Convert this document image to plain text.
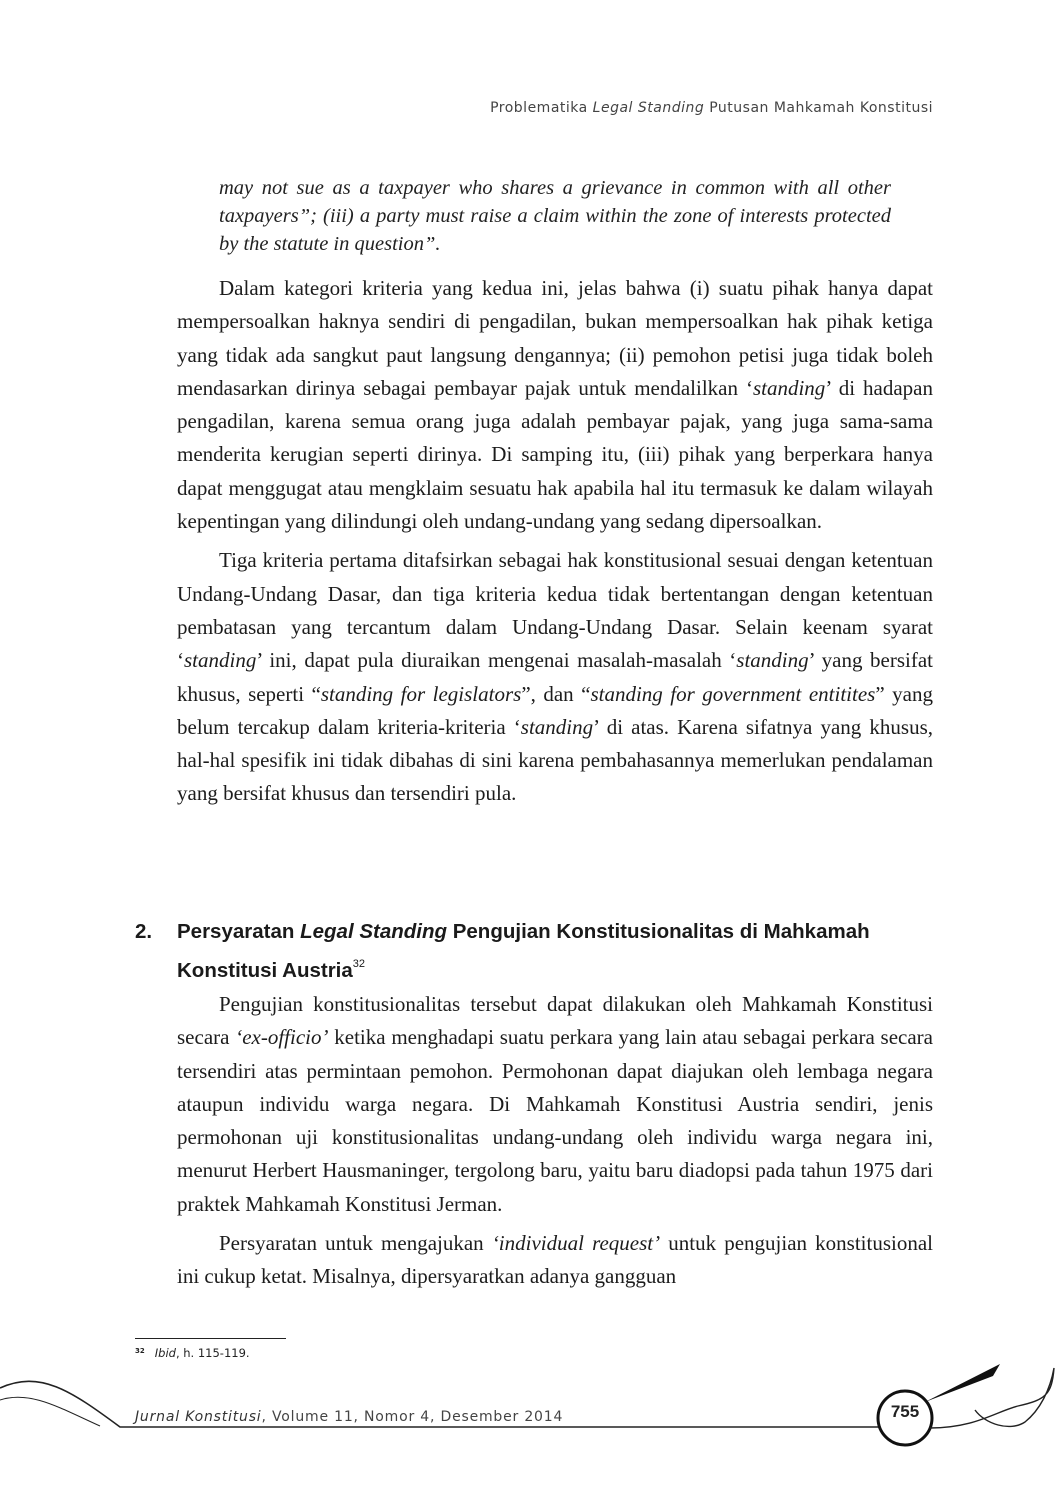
Problematika Legal Standing Putusan Mahkamah Konstitusi

may not sue as a taxpayer who shares a grievance in common with all other taxpayers”; (iii) a party must raise a claim within the zone of interests protected by the statute in question”.

Dalam kategori kriteria yang kedua ini, jelas bahwa (i) suatu pihak hanya dapat mempersoalkan haknya sendiri di pengadilan, bukan mempersoalkan hak pihak ketiga yang tidak ada sangkut paut langsung dengannya; (ii) pemohon petisi juga tidak boleh mendasarkan dirinya sebagai pembayar pajak untuk mendalilkan ‘standing’ di hadapan pengadilan, karena semua orang juga adalah pembayar pajak, yang juga sama-sama menderita kerugian seperti dirinya. Di samping itu, (iii) pihak yang berperkara hanya dapat menggugat atau mengklaim sesuatu hak apabila hal itu termasuk ke dalam wilayah kepentingan yang dilindungi oleh undang-undang yang sedang dipersoalkan.

Tiga kriteria pertama ditafsirkan sebagai hak konstitusional sesuai dengan ketentuan Undang-Undang Dasar, dan tiga kriteria kedua tidak bertentangan dengan ketentuan pembatasan yang tercantum dalam Undang-Undang Dasar. Selain keenam syarat ‘standing’ ini, dapat pula diuraikan mengenai masalah-masalah ‘standing’ yang bersifat khusus, seperti “standing for legislators”, dan “standing for government entitites” yang belum tercakup dalam kriteria-kriteria ‘standing’ di atas. Karena sifatnya yang khusus, hal-hal spesifik ini tidak dibahas di sini karena pembahasannya memerlukan pendalaman yang bersifat khusus dan tersendiri pula.

2. Persyaratan Legal Standing Pengujian Konstitusionalitas di Mahkamah Konstitusi Austria$^{32}$

Pengujian konstitusionalitas tersebut dapat dilakukan oleh Mahkamah Konstitusi secara ‘ex-officio’ ketika menghadapi suatu perkara yang lain atau sebagai perkara secara tersendiri atas permintaan pemohon. Permohonan dapat diajukan oleh lembaga negara ataupun individu warga negara. Di Mahkamah Konstitusi Austria sendiri, jenis permohonan uji konstitusionalitas undang-undang oleh individu warga negara ini, menurut Herbert Hausmaninger, tergolong baru, yaitu baru diadopsi pada tahun 1975 dari praktek Mahkamah Konstitusi Jerman.

Persyaratan untuk mengajukan ‘individual request’ untuk pengujian konstitusional ini cukup ketat. Misalnya, dipersyaratkan adanya gangguan

$^{32}$ Ibid, h. 115-119.
Jurnal Konstitusi, Volume 11, Nomor 4, Desember 2014	755
